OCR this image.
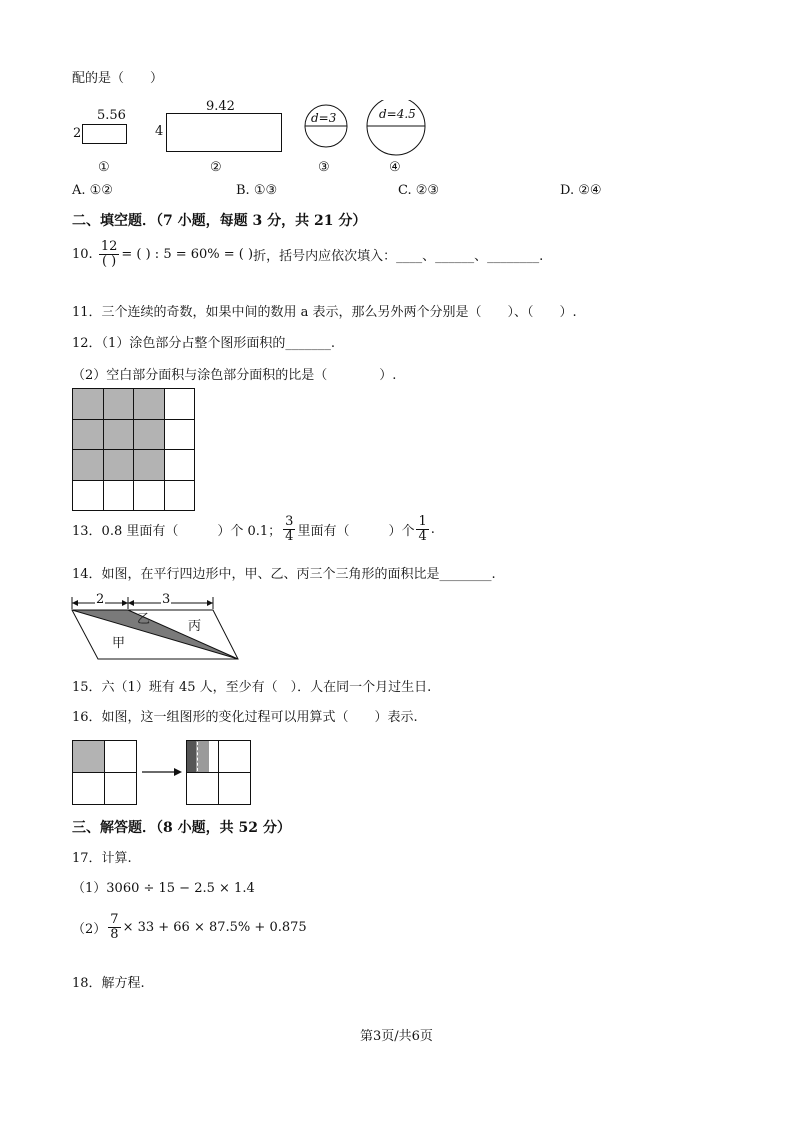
配的是（　　）
5.56
2
①
9.42
4
②
d=3	d=4.5
③	④
A. ①②	B. ①③	C. ②③	D. ②④
二、填空题．（7 小题，每题 3 分，共 21 分）
10.
$\frac{12}{( )}$ = ( ) : 5 = 60% = ( ) 折，括号内应依次填入：____、______、________.
11．三个连续的奇数，如果中间的数用 a 表示，那么另外两个分别是（　　）、（　　）.
12．（1）涂色部分占整个图形面积的_______.
（2）空白部分面积与涂色部分面积的比是（　　　　）.
13．0.8 里面有（　　　）个 0.1； $\frac{3}{4}$ 里面有（　　　）个 $\frac{1}{4}$ .
14．如图，在平行四边形中，甲、乙、丙三个三角形的面积比是________.
2	3
甲
乙	丙
15．六（1）班有 45 人，至少有（　）．人在同一个月过生日.
16．如图，这一组图形的变化过程可以用算式（　　）表示.
三、解答题．（8 小题，共 52 分）
17．计算.
（1）3060 ÷ 15 − 2.5 × 1.4
$(2) \frac{7}{8} \times 33 + 66 \times 87.5\% + 0.875$
18．解方程.
第3页/共6页
